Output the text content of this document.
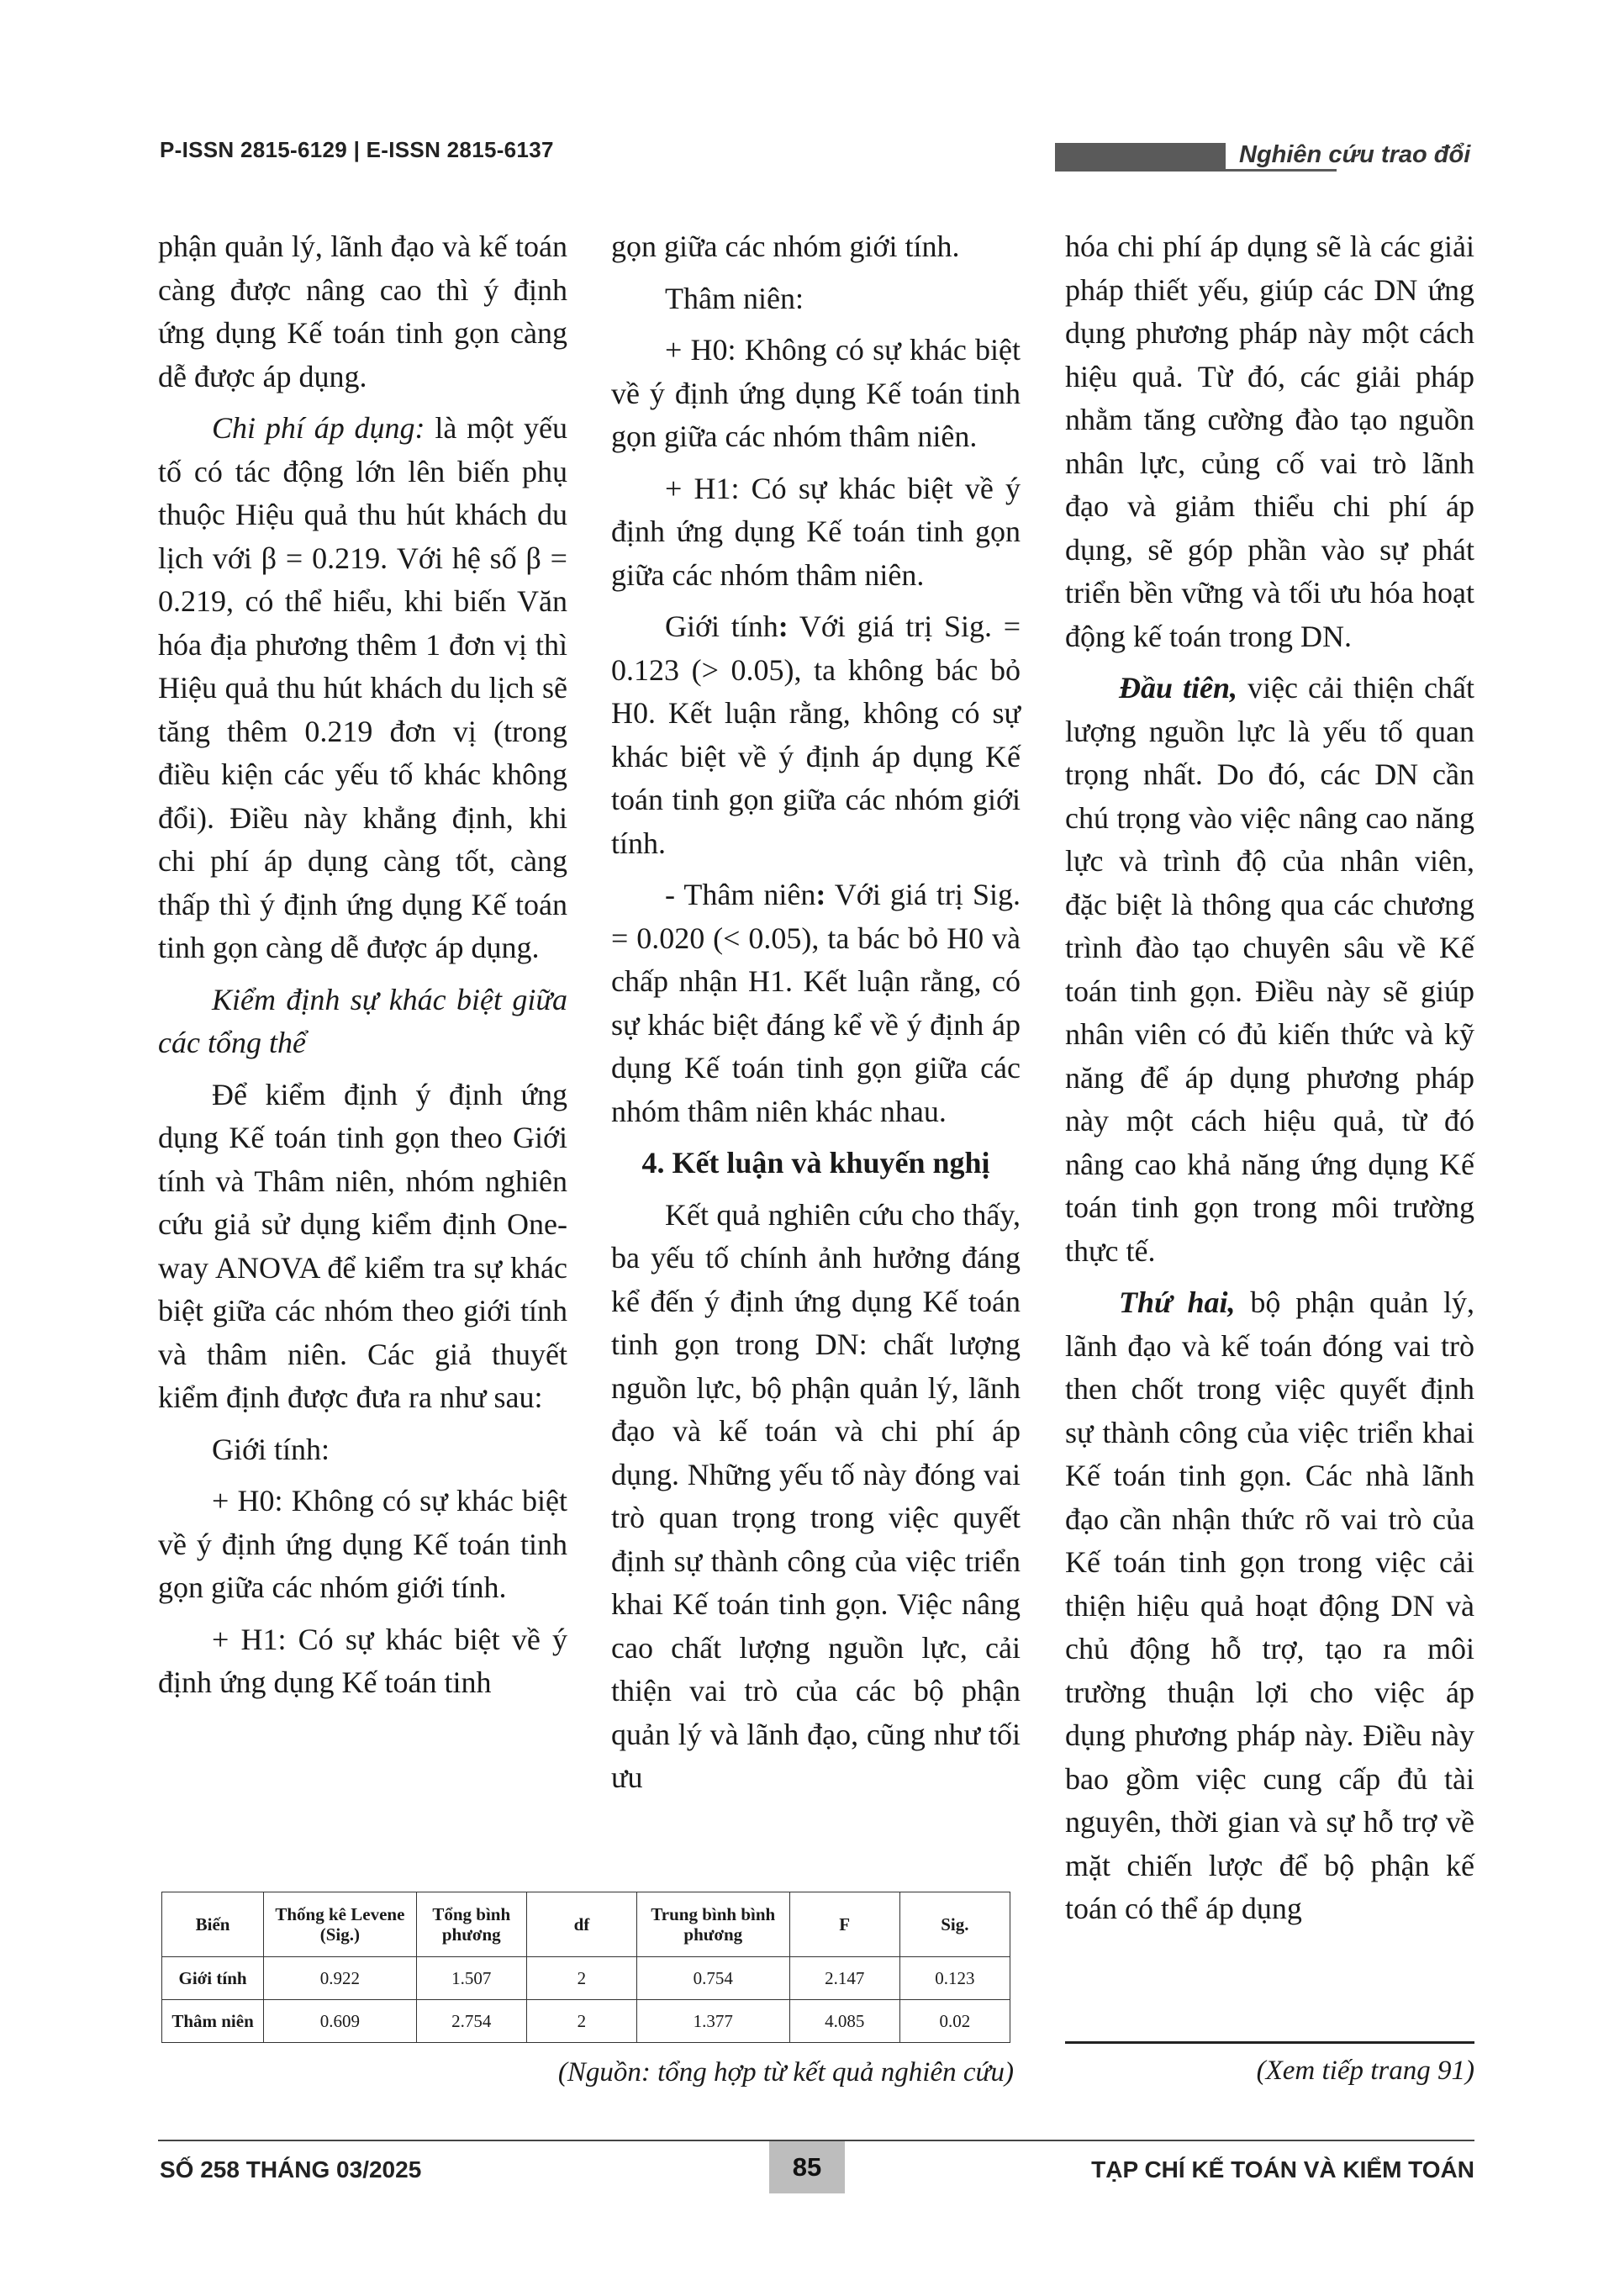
P-ISSN 2815-6129 | E-ISSN 2815-6137	Nghiên cứu trao đổi

phận quản lý, lãnh đạo và kế toán càng được nâng cao thì ý định ứng dụng Kế toán tinh gọn càng dễ được áp dụng.

Chi phí áp dụng: là một yếu tố có tác động lớn lên biến phụ thuộc Hiệu quả thu hút khách du lịch với β = 0.219. Với hệ số β = 0.219, có thể hiểu, khi biến Văn hóa địa phương thêm 1 đơn vị thì Hiệu quả thu hút khách du lịch sẽ tăng thêm 0.219 đơn vị (trong điều kiện các yếu tố khác không đổi). Điều này khẳng định, khi chi phí áp dụng càng tốt, càng thấp thì ý định ứng dụng Kế toán tinh gọn càng dễ được áp dụng.

Kiểm định sự khác biệt giữa các tổng thể

Để kiểm định ý định ứng dụng Kế toán tinh gọn theo Giới tính và Thâm niên, nhóm nghiên cứu giả sử dụng kiểm định One-way ANOVA để kiểm tra sự khác biệt giữa các nhóm theo giới tính và thâm niên. Các giả thuyết kiểm định được đưa ra như sau:

Giới tính:

+ H0: Không có sự khác biệt về ý định ứng dụng Kế toán tinh gọn giữa các nhóm giới tính.

+ H1: Có sự khác biệt về ý định ứng dụng Kế toán tinh

gọn giữa các nhóm giới tính.

Thâm niên:

+ H0: Không có sự khác biệt về ý định ứng dụng Kế toán tinh gọn giữa các nhóm thâm niên.

+ H1: Có sự khác biệt về ý định ứng dụng Kế toán tinh gọn giữa các nhóm thâm niên.

Giới tính: Với giá trị Sig. = 0.123 (> 0.05), ta không bác bỏ H0. Kết luận rằng, không có sự khác biệt về ý định áp dụng Kế toán tinh gọn giữa các nhóm giới tính.

- Thâm niên: Với giá trị Sig. = 0.020 (< 0.05), ta bác bỏ H0 và chấp nhận H1. Kết luận rằng, có sự khác biệt đáng kể về ý định áp dụng Kế toán tinh gọn giữa các nhóm thâm niên khác nhau.

4. Kết luận và khuyến nghị

Kết quả nghiên cứu cho thấy, ba yếu tố chính ảnh hưởng đáng kể đến ý định ứng dụng Kế toán tinh gọn trong DN: chất lượng nguồn lực, bộ phận quản lý, lãnh đạo và kế toán và chi phí áp dụng. Những yếu tố này đóng vai trò quan trọng trong việc quyết định sự thành công của việc triển khai Kế toán tinh gọn. Việc nâng cao chất lượng nguồn lực, cải thiện vai trò của các bộ phận quản lý và lãnh đạo, cũng như tối ưu

hóa chi phí áp dụng sẽ là các giải pháp thiết yếu, giúp các DN ứng dụng phương pháp này một cách hiệu quả. Từ đó, các giải pháp nhằm tăng cường đào tạo nguồn nhân lực, củng cố vai trò lãnh đạo và giảm thiểu chi phí áp dụng, sẽ góp phần vào sự phát triển bền vững và tối ưu hóa hoạt động kế toán trong DN.

Đầu tiên, việc cải thiện chất lượng nguồn lực là yếu tố quan trọng nhất. Do đó, các DN cần chú trọng vào việc nâng cao năng lực và trình độ của nhân viên, đặc biệt là thông qua các chương trình đào tạo chuyên sâu về Kế toán tinh gọn. Điều này sẽ giúp nhân viên có đủ kiến thức và kỹ năng để áp dụng phương pháp này một cách hiệu quả, từ đó nâng cao khả năng ứng dụng Kế toán tinh gọn trong môi trường thực tế.

Thứ hai, bộ phận quản lý, lãnh đạo và kế toán đóng vai trò then chốt trong việc quyết định sự thành công của việc triển khai Kế toán tinh gọn. Các nhà lãnh đạo cần nhận thức rõ vai trò của Kế toán tinh gọn trong việc cải thiện hiệu quả hoạt động DN và chủ động hỗ trợ, tạo ra môi trường thuận lợi cho việc áp dụng phương pháp này. Điều này bao gồm việc cung cấp đủ tài nguyên, thời gian và sự hỗ trợ về mặt chiến lược để bộ phận kế toán có thể áp dụng

Biến	Thống kê Levene (Sig.)	Tổng bình phương	df	Trung bình bình phương	F	Sig.
Giới tính	0.922	1.507	2	0.754	2.147	0.123
Thâm niên	0.609	2.754	2	1.377	4.085	0.02
(Nguồn: tổng hợp từ kết quả nghiên cứu)	(Xem tiếp trang 91)
SỐ 258 THÁNG 03/2025	85	TẠP CHÍ KẾ TOÁN VÀ KIỂM TOÁN
